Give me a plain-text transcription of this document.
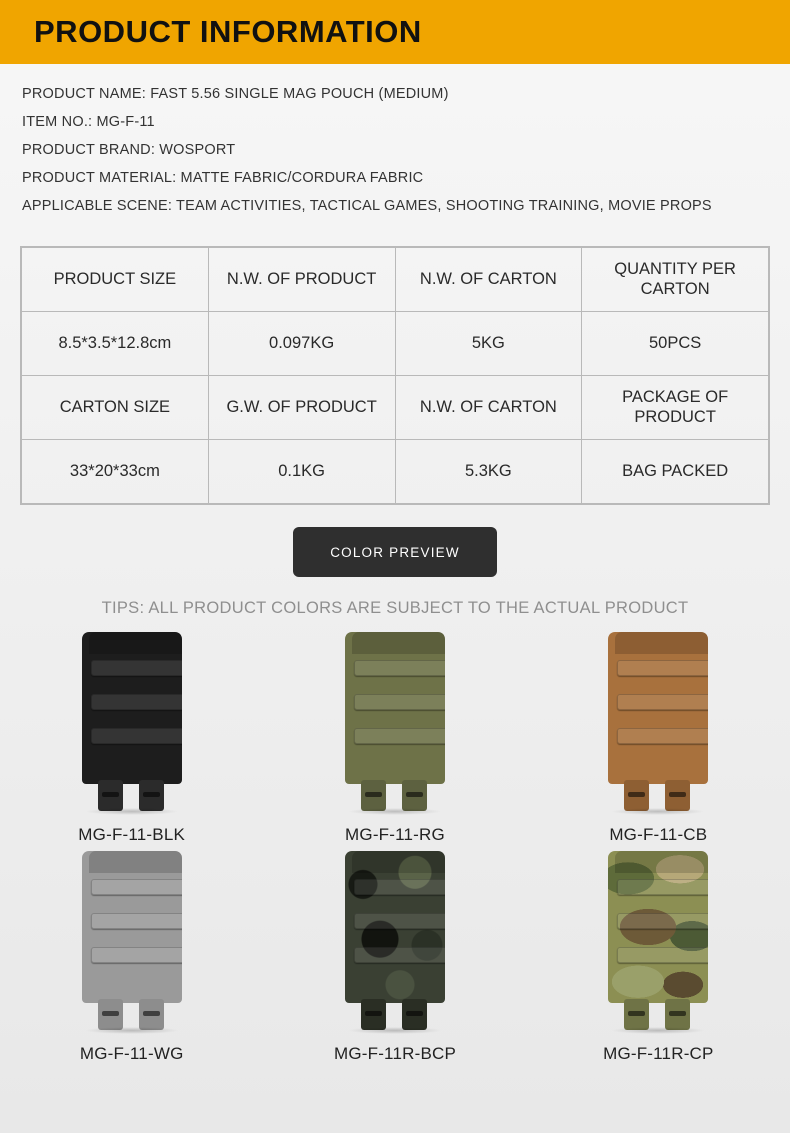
PRODUCT INFORMATION
PRODUCT NAME: FAST 5.56 SINGLE MAG POUCH (MEDIUM)
ITEM NO.: MG-F-11
PRODUCT BRAND: WOSPORT
PRODUCT MATERIAL: MATTE FABRIC/CORDURA FABRIC
APPLICABLE SCENE: TEAM ACTIVITIES, TACTICAL GAMES, SHOOTING TRAINING, MOVIE PROPS
PRODUCT SIZE	N.W. OF PRODUCT	N.W. OF CARTON	QUANTITY PER CARTON
8.5*3.5*12.8cm	0.097KG	5KG	50PCS
CARTON SIZE	G.W. OF PRODUCT	N.W. OF CARTON	PACKAGE OF PRODUCT
33*20*33cm	0.1KG	5.3KG	BAG PACKED
COLOR PREVIEW
TIPS: ALL PRODUCT COLORS ARE SUBJECT TO THE ACTUAL PRODUCT
MG-F-11-BLK	MG-F-11-RG	MG-F-11-CB
MG-F-11-WG	MG-F-11R-BCP	MG-F-11R-CP
